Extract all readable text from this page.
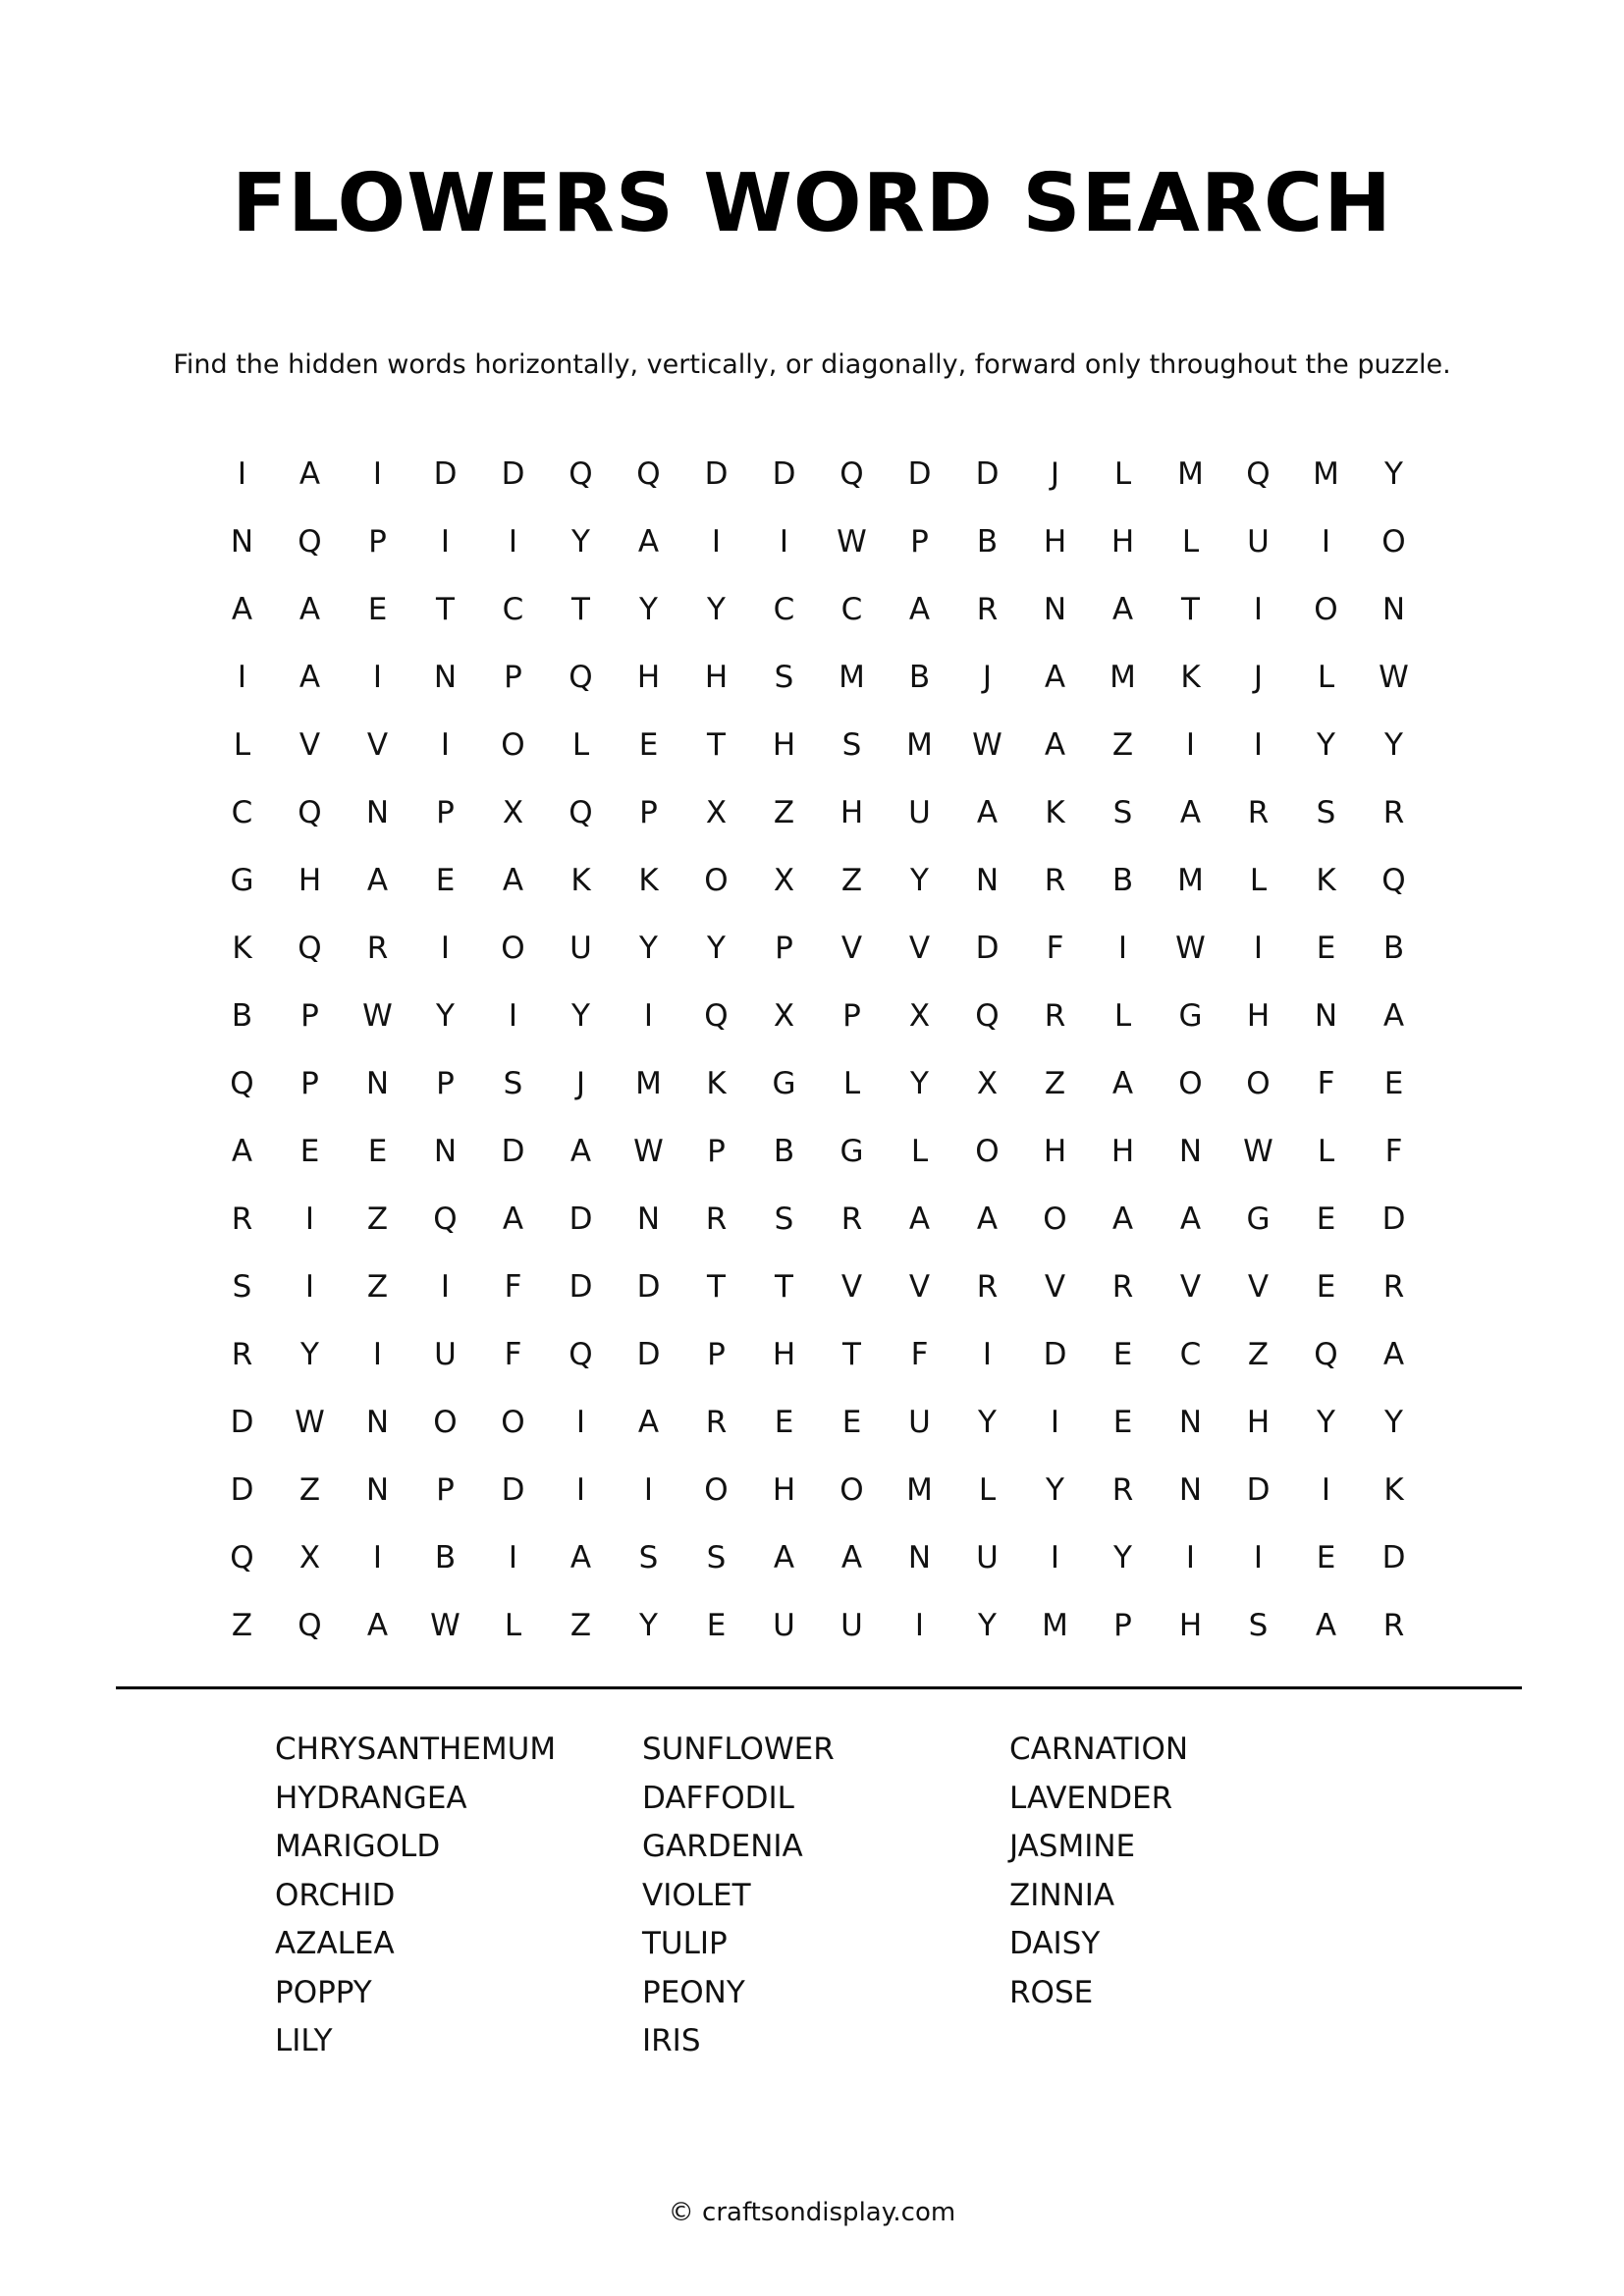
FLOWERS WORD SEARCH
Find the hidden words horizontally, vertically, or diagonally, forward only throughout the puzzle.
I	A	I	D	D	Q	Q	D	D	Q	D	D	J	L	M	Q	M	Y
N	Q	P	I	I	Y	A	I	I	W	P	B	H	H	L	U	I	O
A	A	E	T	C	T	Y	Y	C	C	A	R	N	A	T	I	O	N
I	A	I	N	P	Q	H	H	S	M	B	J	A	M	K	J	L	W
L	V	V	I	O	L	E	T	H	S	M	W	A	Z	I	I	Y	Y
C	Q	N	P	X	Q	P	X	Z	H	U	A	K	S	A	R	S	R
G	H	A	E	A	K	K	O	X	Z	Y	N	R	B	M	L	K	Q
K	Q	R	I	O	U	Y	Y	P	V	V	D	F	I	W	I	E	B
B	P	W	Y	I	Y	I	Q	X	P	X	Q	R	L	G	H	N	A
Q	P	N	P	S	J	M	K	G	L	Y	X	Z	A	O	O	F	E
A	E	E	N	D	A	W	P	B	G	L	O	H	H	N	W	L	F
R	I	Z	Q	A	D	N	R	S	R	A	A	O	A	A	G	E	D
S	I	Z	I	F	D	D	T	T	V	V	R	V	R	V	V	E	R
R	Y	I	U	F	Q	D	P	H	T	F	I	D	E	C	Z	Q	A
D	W	N	O	O	I	A	R	E	E	U	Y	I	E	N	H	Y	Y
D	Z	N	P	D	I	I	O	H	O	M	L	Y	R	N	D	I	K
Q	X	I	B	I	A	S	S	A	A	N	U	I	Y	I	I	E	D
Z	Q	A	W	L	Z	Y	E	U	U	I	Y	M	P	H	S	A	R
CHRYSANTHEMUM
HYDRANGEA
MARIGOLD
ORCHID
AZALEA
POPPY
LILY
SUNFLOWER
DAFFODIL
GARDENIA
VIOLET
TULIP
PEONY
IRIS
CARNATION
LAVENDER
JASMINE
ZINNIA
DAISY
ROSE
© craftsondisplay.com
